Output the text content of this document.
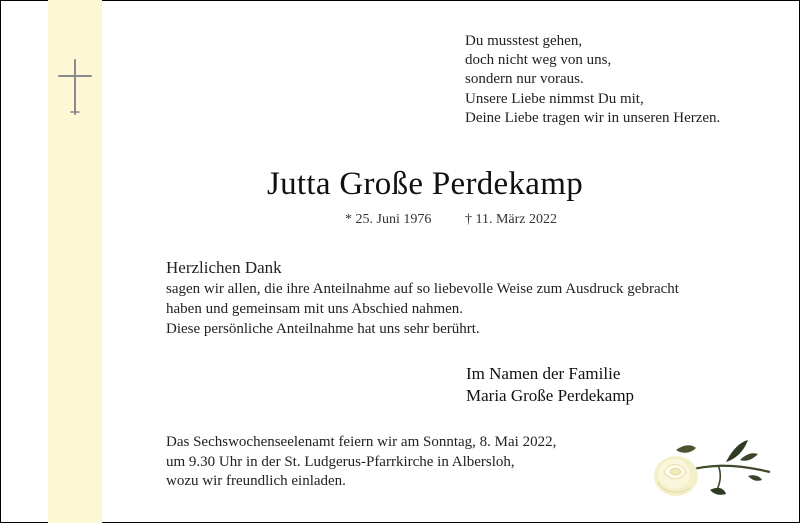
Du musstest gehen,
doch nicht weg von uns,
sondern nur voraus.
Unsere Liebe nimmst Du mit,
Deine Liebe tragen wir in unseren Herzen.
Jutta Große Perdekamp
* 25. Juni 1976 † 11. März 2022
Herzlichen Dank
sagen wir allen, die ihre Anteilnahme auf so liebevolle Weise zum Ausdruck gebracht
haben und gemeinsam mit uns Abschied nahmen.
Diese persönliche Anteilnahme hat uns sehr berührt.
Im Namen der Familie
Maria Große Perdekamp
Das Sechswochenseelenamt feiern wir am Sonntag, 8. Mai 2022,
um 9.30 Uhr in der St. Ludgerus-Pfarrkirche in Albersloh,
wozu wir freundlich einladen.
